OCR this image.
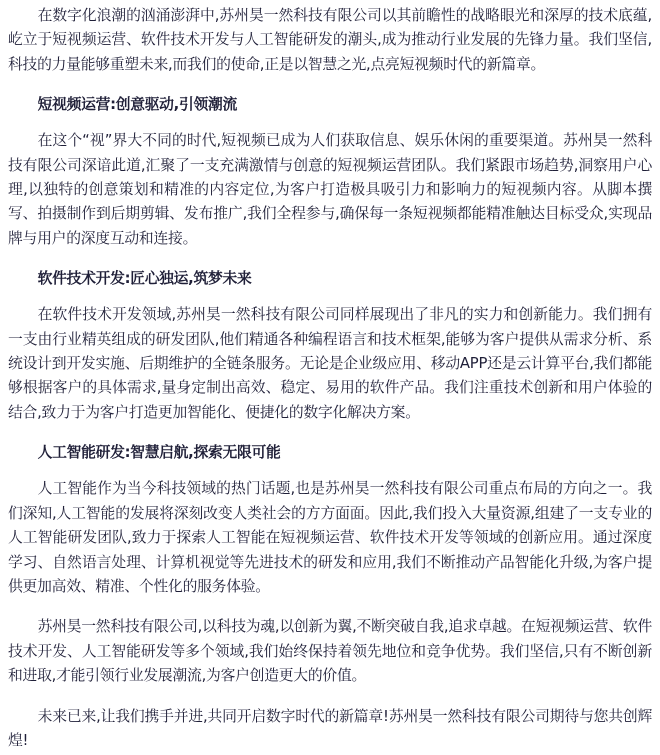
在数字化浪潮的汹涌澎湃中,苏州昊一然科技有限公司以其前瞻性的战略眼光和深厚的技术底蕴,屹立于短视频运营、软件技术开发与人工智能研发的潮头,成为推动行业发展的先锋力量。我们坚信,科技的力量能够重塑未来,而我们的使命,正是以智慧之光,点亮短视频时代的新篇章。

短视频运营:创意驱动,引领潮流

在这个“视”界大不同的时代,短视频已成为人们获取信息、娱乐休闲的重要渠道。苏州昊一然科技有限公司深谙此道,汇聚了一支充满激情与创意的短视频运营团队。我们紧跟市场趋势,洞察用户心理,以独特的创意策划和精准的内容定位,为客户打造极具吸引力和影响力的短视频内容。从脚本撰写、拍摄制作到后期剪辑、发布推广,我们全程参与,确保每一条短视频都能精准触达目标受众,实现品牌与用户的深度互动和连接。

软件技术开发:匠心独运,筑梦未来

在软件技术开发领域,苏州昊一然科技有限公司同样展现出了非凡的实力和创新能力。我们拥有一支由行业精英组成的研发团队,他们精通各种编程语言和技术框架,能够为客户提供从需求分析、系统设计到开发实施、后期维护的全链条服务。无论是企业级应用、移动APP还是云计算平台,我们都能够根据客户的具体需求,量身定制出高效、稳定、易用的软件产品。我们注重技术创新和用户体验的结合,致力于为客户打造更加智能化、便捷化的数字化解决方案。

人工智能研发:智慧启航,探索无限可能

人工智能作为当今科技领域的热门话题,也是苏州昊一然科技有限公司重点布局的方向之一。我们深知,人工智能的发展将深刻改变人类社会的方方面面。因此,我们投入大量资源,组建了一支专业的人工智能研发团队,致力于探索人工智能在短视频运营、软件技术开发等领域的创新应用。通过深度学习、自然语言处理、计算机视觉等先进技术的研发和应用,我们不断推动产品智能化升级,为客户提供更加高效、精准、个性化的服务体验。

苏州昊一然科技有限公司,以科技为魂,以创新为翼,不断突破自我,追求卓越。在短视频运营、软件技术开发、人工智能研发等多个领域,我们始终保持着领先地位和竞争优势。我们坚信,只有不断创新和进取,才能引领行业发展潮流,为客户创造更大的价值。

未来已来,让我们携手并进,共同开启数字时代的新篇章!苏州昊一然科技有限公司期待与您共创辉煌!
